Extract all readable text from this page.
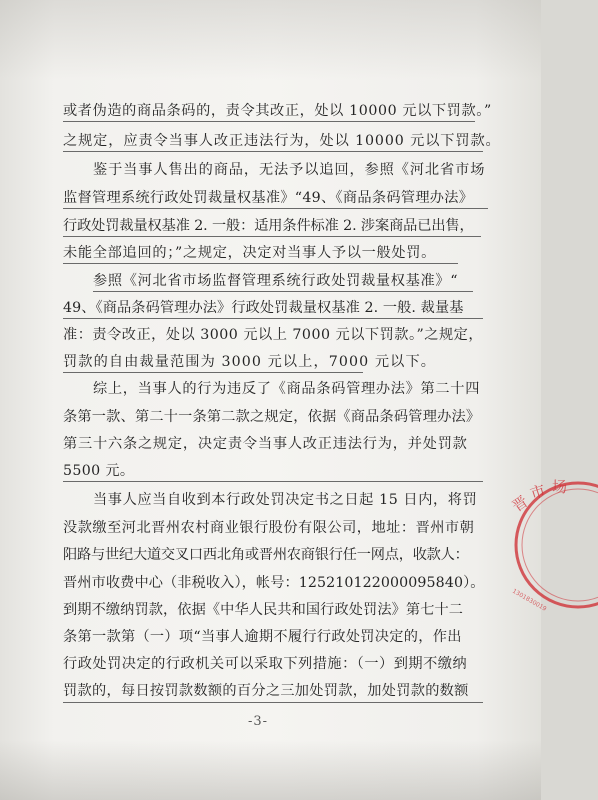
或者伪造的商品条码的，责令其改正，处以 10000 元以下罚款。”
之规定，应责令当事人改正违法行为，处以 10000 元以下罚款。
鉴于当事人售出的商品，无法予以追回，参照《河北省市场
监督管理系统行政处罚裁量权基准》“49、《商品条码管理办法》
行政处罚裁量权基准 2. 一般：适用条件标准 2. 涉案商品已出售，
未能全部追回的；”之规定，决定对当事人予以一般处罚。
参照《河北省市场监督管理系统行政处罚裁量权基准》“
49、《商品条码管理办法》行政处罚裁量权基准 2. 一般. 裁量基
准：责令改正，处以 3000 元以上 7000 元以下罚款。”之规定，
罚款的自由裁量范围为 3000 元以上，7000 元以下。
综上，当事人的行为违反了《商品条码管理办法》第二十四
条第一款、第二十一条第二款之规定，依据《商品条码管理办法》
第三十六条之规定，决定责令当事人改正违法行为，并处罚款
5500 元。
当事人应当自收到本行政处罚决定书之日起 15 日内，将罚
没款缴至河北晋州农村商业银行股份有限公司，地址：晋州市朝
阳路与世纪大道交叉口西北角或晋州农商银行任一网点，收款人：
晋州市收费中心（非税收入），帐号：125210122000095840）。
到期不缴纳罚款，依据《中华人民共和国行政处罚法》第七十二
条第一款第（一）项“当事人逾期不履行行政处罚决定的，作出
行政处罚决定的行政机关可以采取下列措施：（一）到期不缴纳
罚款的，每日按罚款数额的百分之三加处罚款，加处罚款的数额
晋
市 场
1301830019
-3-
